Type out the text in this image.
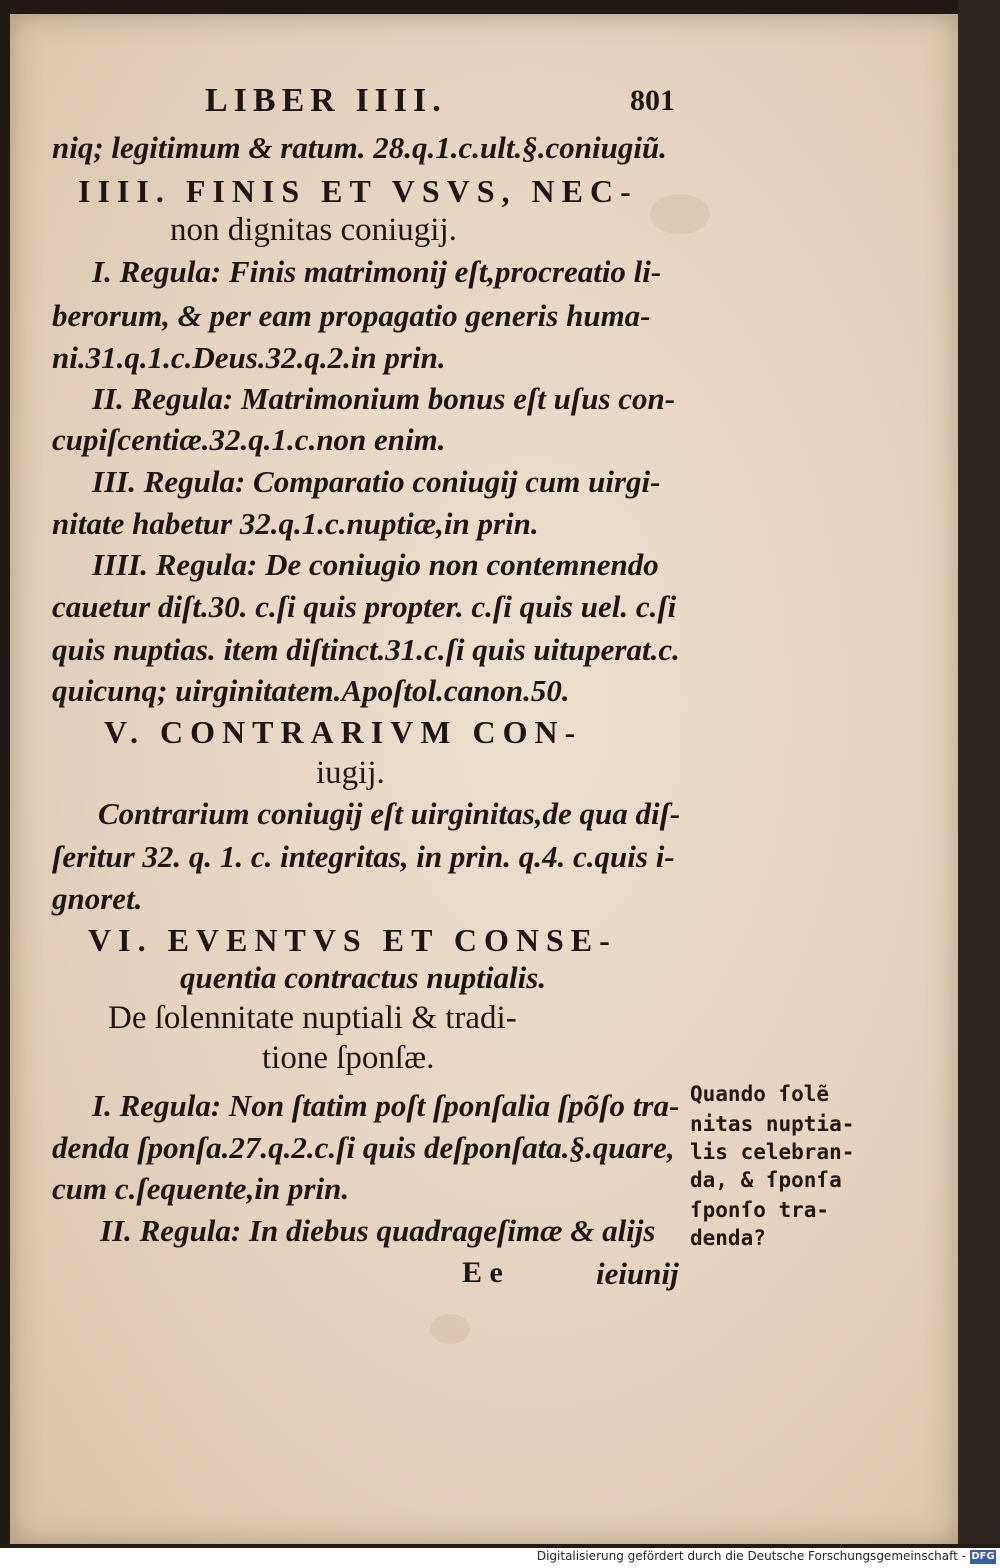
LIBER IIII.	801
niq; legitimum & ratum. 28.q.1.c.ult.§.coniugiũ.
IIII. FINIS ET VSVS, NEC-
non dignitas coniugij.
I. Regula: Finis matrimonij eſt,procreatio li-
berorum, & per eam propagatio generis huma-
ni.31.q.1.c.Deus.32.q.2.in prin.
II. Regula: Matrimonium bonus eſt uſus con-
cupiſcentiæ.32.q.1.c.non enim.
III. Regula: Comparatio coniugij cum uirgi-
nitate habetur 32.q.1.c.nuptiæ,in prin.
IIII. Regula: De coniugio non contemnendo
cauetur diſt.30. c.ſi quis propter. c.ſi quis uel. c.ſi
quis nuptias. item diſtinct.31.c.ſi quis uituperat.c.
quicunq; uirginitatem.Apoſtol.canon.50.
V. CONTRARIVM CON-
iugij.
Contrarium coniugij eſt uirginitas,de qua diſ-
ſeritur 32. q. 1. c. integritas, in prin. q.4. c.quis i-
gnoret.
VI. EVENTVS ET CONSE-
quentia contractus nuptialis.
De ſolennitate nuptiali & tradi-
tione ſponſæ.
I. Regula: Non ſtatim poſt ſponſalia ſpõſo tra-
denda ſponſa.27.q.2.c.ſi quis deſponſata.§.quare,
cum c.ſequente,in prin.
II. Regula: In diebus quadrageſimæ & alijs
E e	ieiunij
Quando ſolẽ
nitas nuptia-
lis celebran-
da, & ſponſa
ſponſo tra-
denda?
Digitalisierung gefördert durch die Deutsche Forschungsgemeinschaft - DFG
